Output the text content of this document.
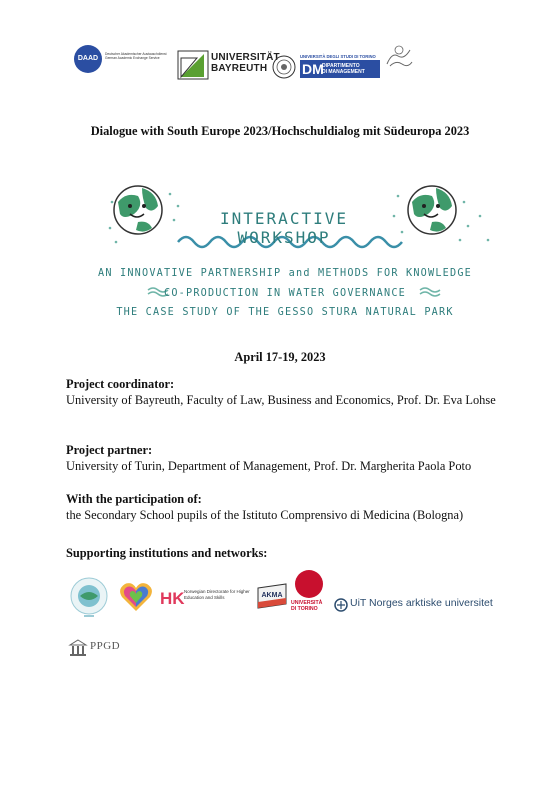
DAAD
Deutscher Akademischer Austauschdienst
German Academic Exchange Service	UNIVERSITÄT
BAYREUTH
UNIVERSITÀ DEGLI STUDI DI TORINO
DM
DIPARTIMENTO
DI MANAGEMENT
Dialogue with South Europe 2023/Hochschuldialog mit Südeuropa 2023
INTERACTIVE WORKSHOP
AN INNOVATIVE PARTNERSHIP and METHODS FOR KNOWLEDGE
CO-PRODUCTION IN WATER GOVERNANCE
THE CASE STUDY OF THE GESSO STURA NATURAL PARK
April 17-19, 2023
Project coordinator:
University of Bayreuth, Faculty of Law, Business and Economics, Prof. Dr. Eva Lohse
Project partner:
University of Turin, Department of Management, Prof. Dr. Margherita Paola Poto
With the participation of:
the Secondary School pupils of the Istituto Comprensivo di Medicina (Bologna)
Supporting institutions and networks:
HK Norwegian Directorate for Higher Education and Skills	AKMA
UNIVERSITÀ
DI TORINO	UiT Norges arktiske universitet
PPGD
